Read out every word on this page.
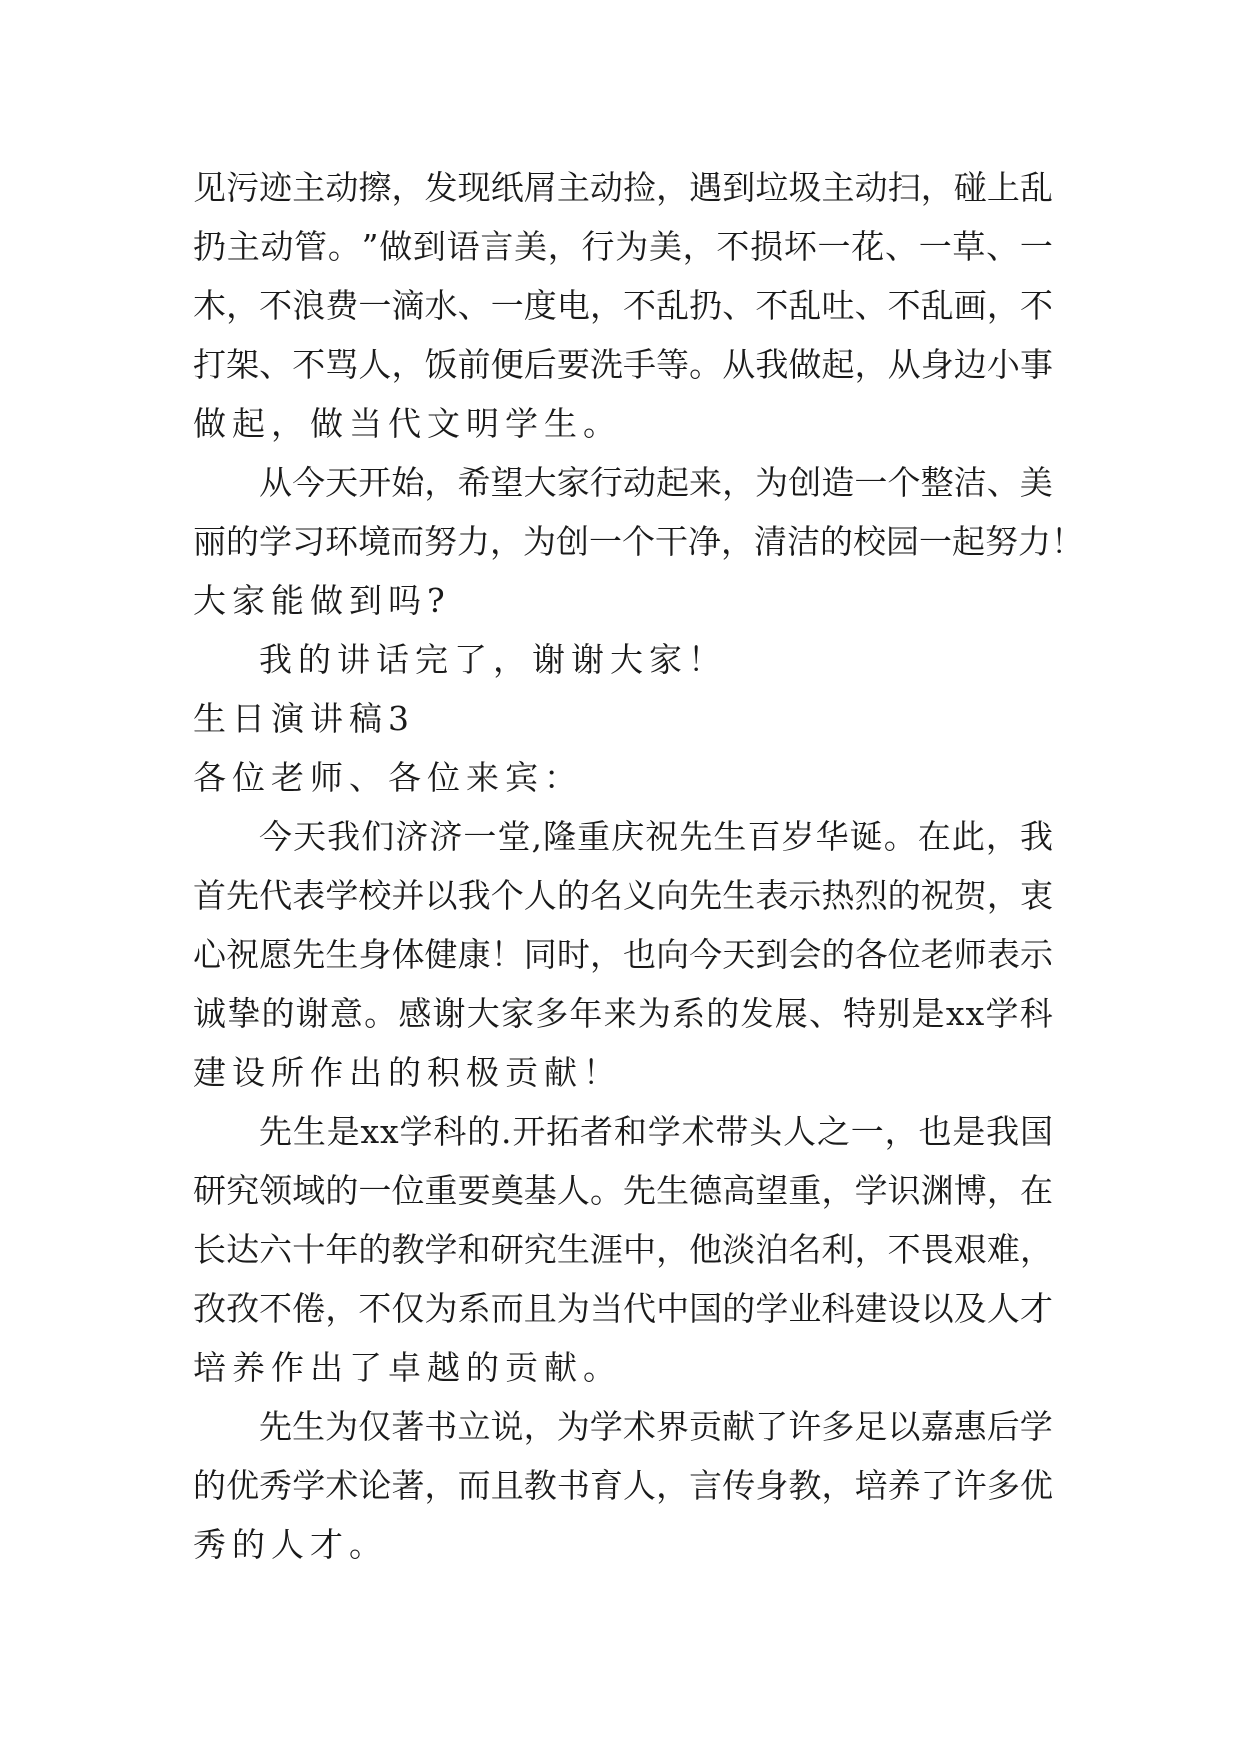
见 污 迹 主 动 擦 ， 发 现 纸 屑 主 动 捡 ， 遇 到 垃 圾 主 动 扫 ， 碰 上 乱
扔 主 动 管 。 ” 做 到 语 言 美 ， 行 为 美 ， 不 损 坏 一 花 、 一 草 、 一
木 ， 不 浪 费 一 滴 水 、 一 度 电 ， 不 乱 扔 、 不 乱 吐 、 不 乱 画 ， 不
打 架 、 不 骂 人 ， 饭 前 便 后 要 洗 手 等 。 从 我 做 起 ， 从 身 边 小 事
做起，做当代文明学生。
从 今 天 开 始 ， 希 望 大 家 行 动 起 来 ， 为 创 造 一 个 整 洁 、 美
丽 的 学 习 环 境 而 努 力 ， 为 创 一 个 干 净 ， 清 洁 的 校 园 一 起 努 力 ！
大家能做到吗?
我的讲话完了，谢谢大家！
生日演讲稿3
各位老师、各位来宾：
今 天 我 们 济 济 一 堂 , 隆 重 庆 祝 先 生 百 岁 华 诞 。 在 此 ， 我
首 先 代 表 学 校 并 以 我 个 人 的 名 义 向 先 生 表 示 热 烈 的 祝 贺 ， 衷
心 祝 愿 先 生 身 体 健 康 ！ 同 时 ， 也 向 今 天 到 会 的 各 位 老 师 表 示
诚 挚 的 谢 意 。 感 谢 大 家 多 年 来 为 系 的 发 展 、 特 别 是 x x 学 科
建设所作出的积极贡献！
先 生 是 x x 学 科 的 . 开 拓 者 和 学 术 带 头 人 之 一 ， 也 是 我 国
研 究 领 域 的 一 位 重 要 奠 基 人 。 先 生 德 高 望 重 ， 学 识 渊 博 ， 在
长 达 六 十 年 的 教 学 和 研 究 生 涯 中 ， 他 淡 泊 名 利 ， 不 畏 艰 难 ，
孜 孜 不 倦 ， 不 仅 为 系 而 且 为 当 代 中 国 的 学 业 科 建 设 以 及 人 才
培养作出了卓越的贡献。
先 生 为 仅 著 书 立 说 ， 为 学 术 界 贡 献 了 许 多 足 以 嘉 惠 后 学
的 优 秀 学 术 论 著 ， 而 且 教 书 育 人 ， 言 传 身 教 ， 培 养 了 许 多 优
秀的人才。
